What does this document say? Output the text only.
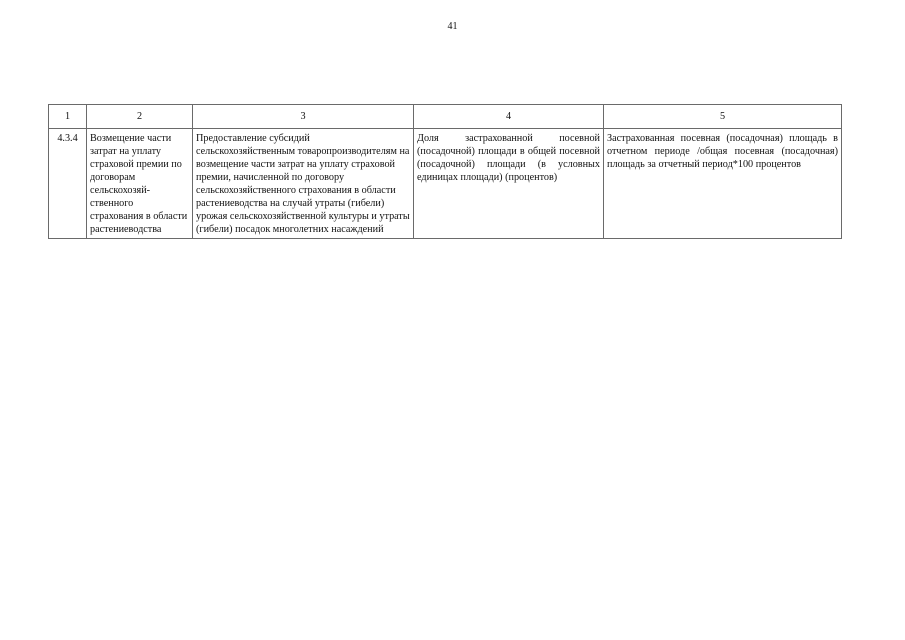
41
1	2	3	4	5
4.3.4	Возмещение части затрат на уплату страховой премии по договорам сельскохозяй-ственного страхования в области растениеводства	Предоставление субсидий сельскохозяйственным товаропроизводителям на возмещение части затрат на уплату страховой премии, начисленной по договору сельскохозяйственного страхования в области растениеводства на случай утраты (гибели) урожая сельскохозяйственной культуры и утраты (гибели) посадок многолетних насаждений	Доля застрахованной посевной (посадочной) площади в общей посевной (посадочной) площади (в условных единицах площади) (процентов)	Застрахованная посевная (посадочная) площадь в отчетном периоде /общая посевная (посадочная) площадь за отчетный период*100 процентов
